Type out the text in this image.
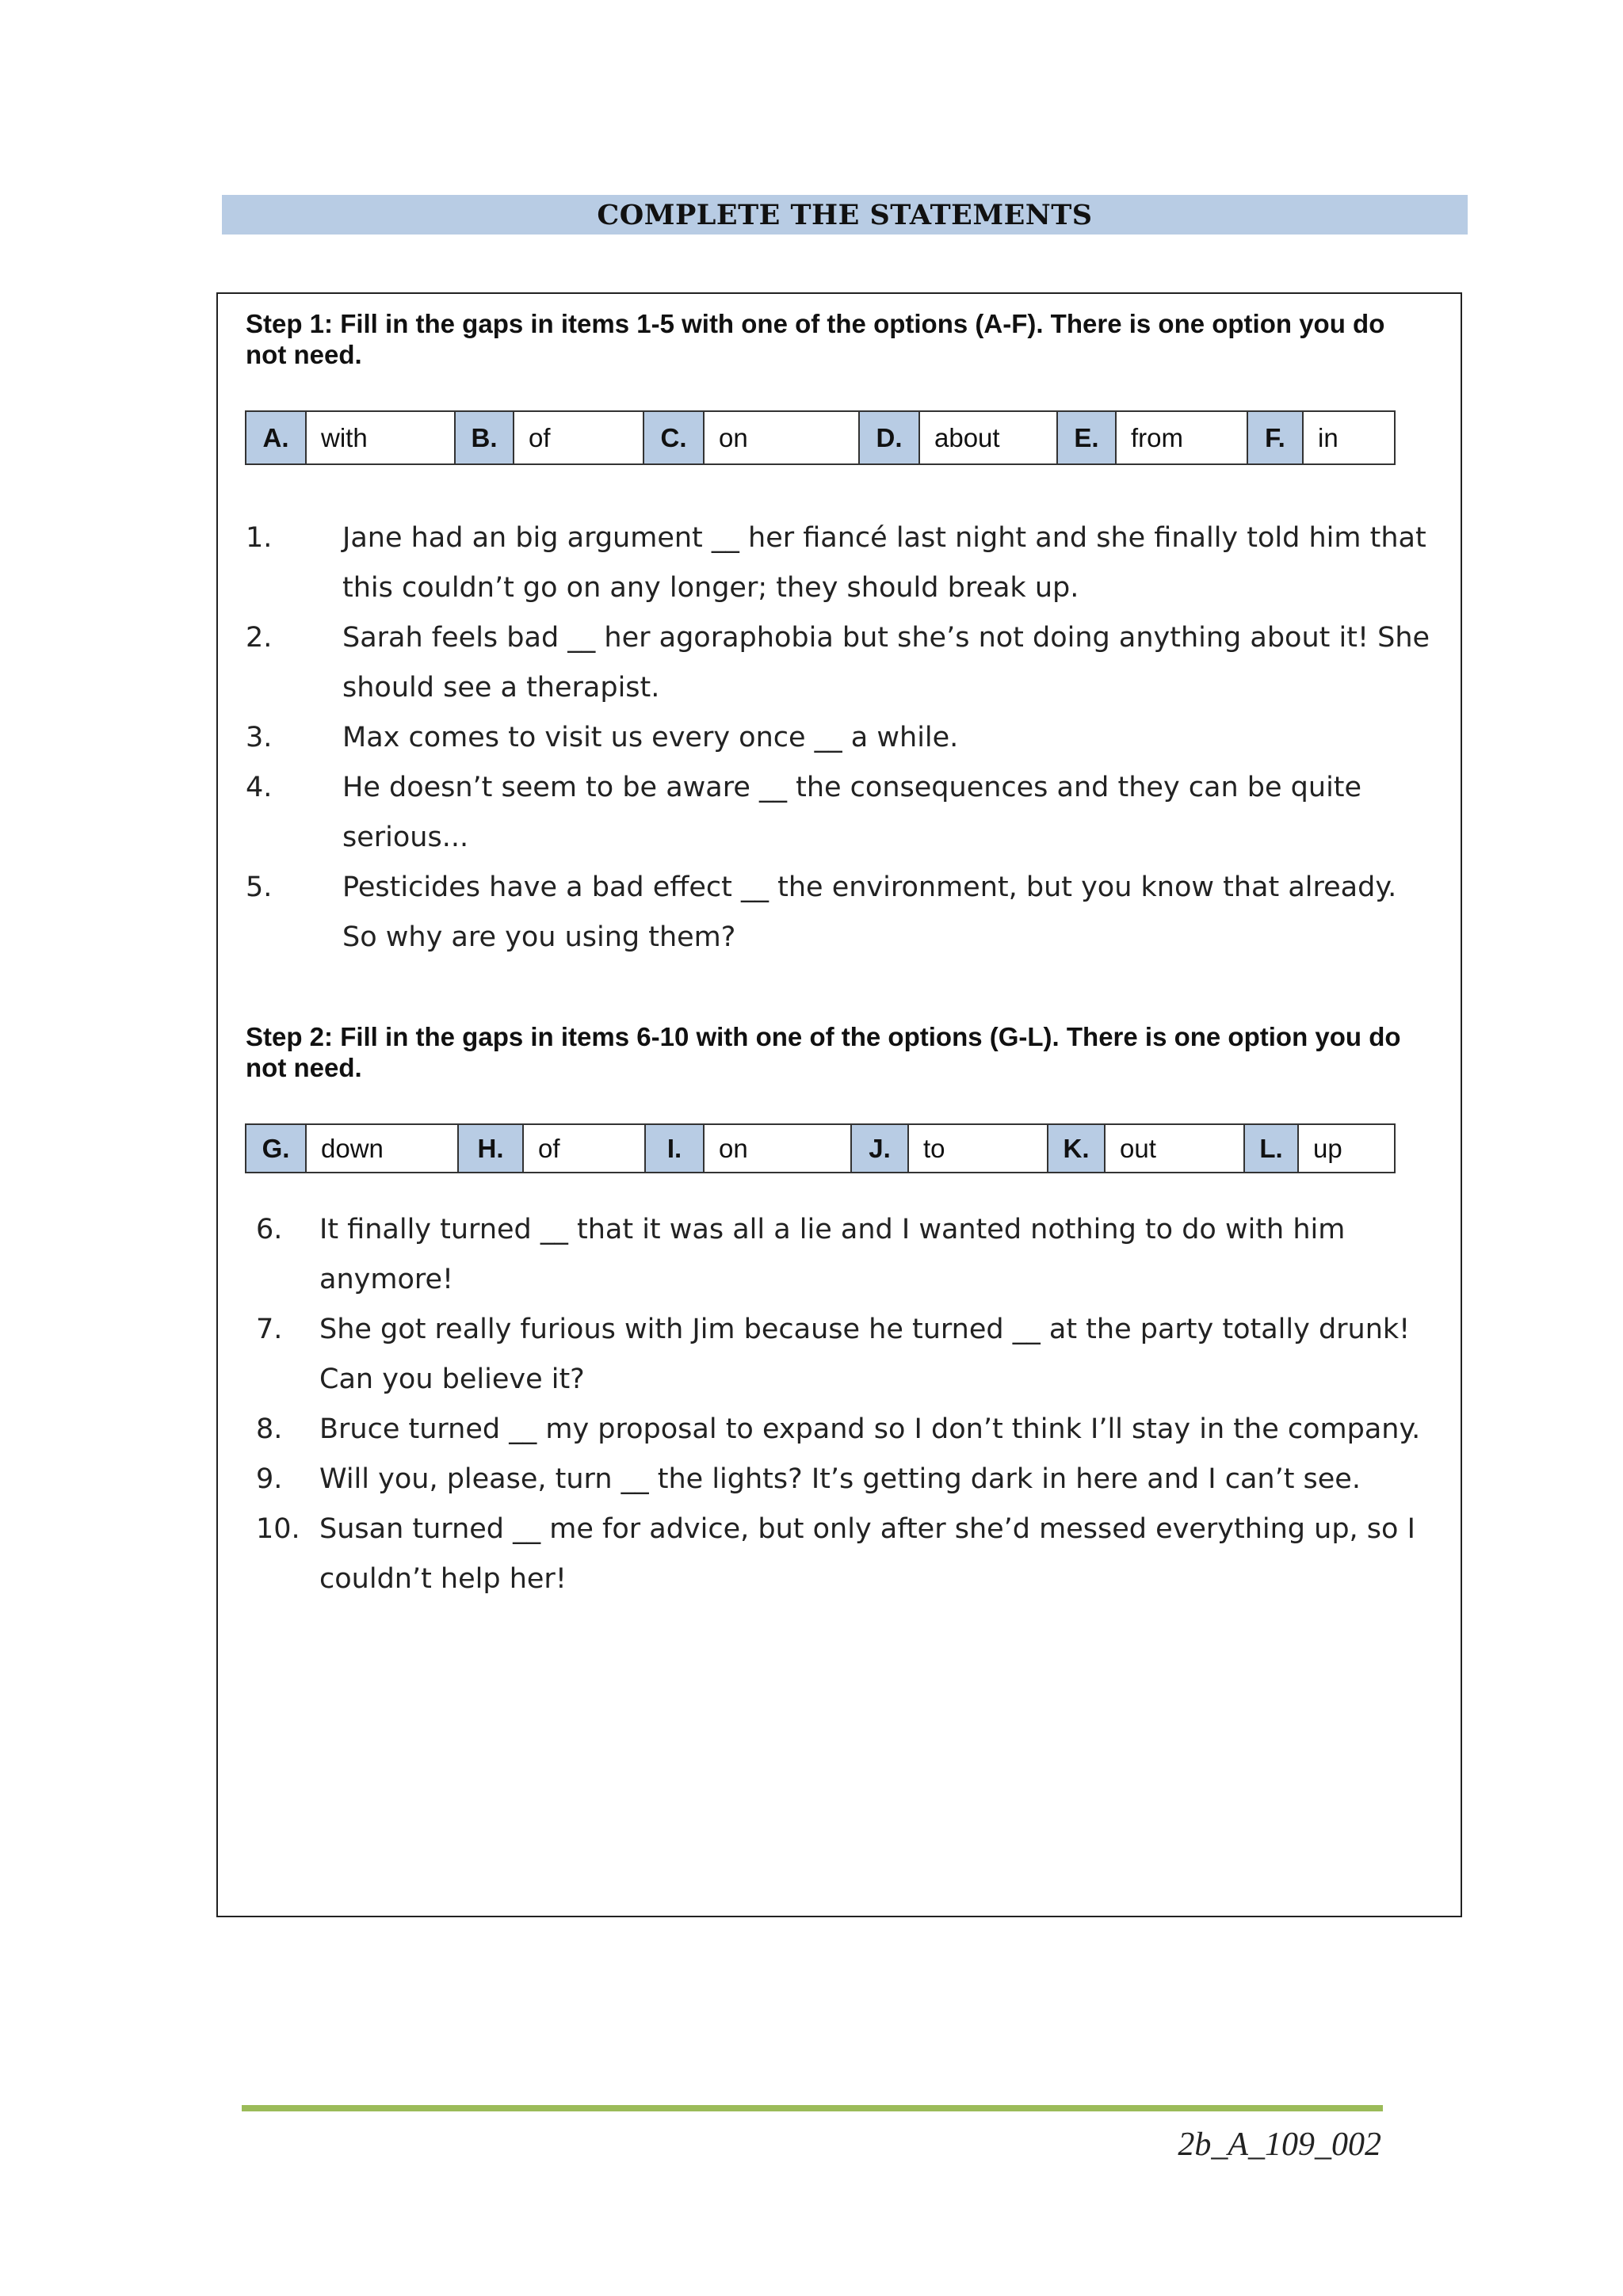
COMPLETE THE STATEMENTS
Step 1: Fill in the gaps in items 1-5 with one of the options (A-F). There is one option you do not need.
A.	with	B.	of	C.	on	D.	about	E.	from	F.	in
1.	Jane had an big argument __ her fiancé last night and she finally told him that this couldn’t go on any longer; they should break up.
2.	Sarah feels bad __ her agoraphobia but she’s not doing anything about it! She should see a therapist.
3.	Max comes to visit us every once __ a while.
4.	He doesn’t seem to be aware __ the consequences and they can be quite serious...
5.	Pesticides have a bad effect __ the environment, but you know that already. So why are you using them?
Step 2: Fill in the gaps in items 6-10 with one of the options (G-L). There is one option you do not need.
G.	down	H.	of	I.	on	J.	to	K.	out	L.	up
6. It finally turned __ that it was all a lie and I wanted nothing to do with him anymore!
7. She got really furious with Jim because he turned __ at the party totally drunk! Can you believe it?
8. Bruce turned __ my proposal to expand so I don’t think I’ll stay in the company.
9. Will you, please, turn __ the lights? It’s getting dark in here and I can’t see.
10. Susan turned __ me for advice, but only after she’d messed everything up, so I couldn’t help her!
2b_A_109_002
